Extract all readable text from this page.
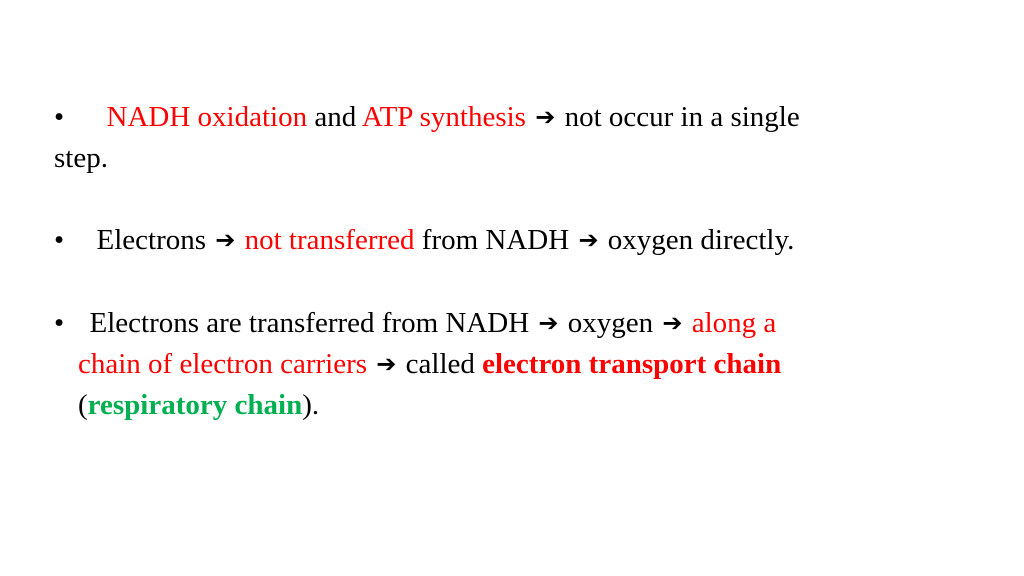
• NADH oxidation and ATP synthesis ➔ not occur in a single
step.
• Electrons ➔ not transferred from NADH ➔ oxygen directly.
• Electrons are transferred from NADH ➔ oxygen ➔ along a
chain of electron carriers ➔ called electron transport chain
(respiratory chain).
